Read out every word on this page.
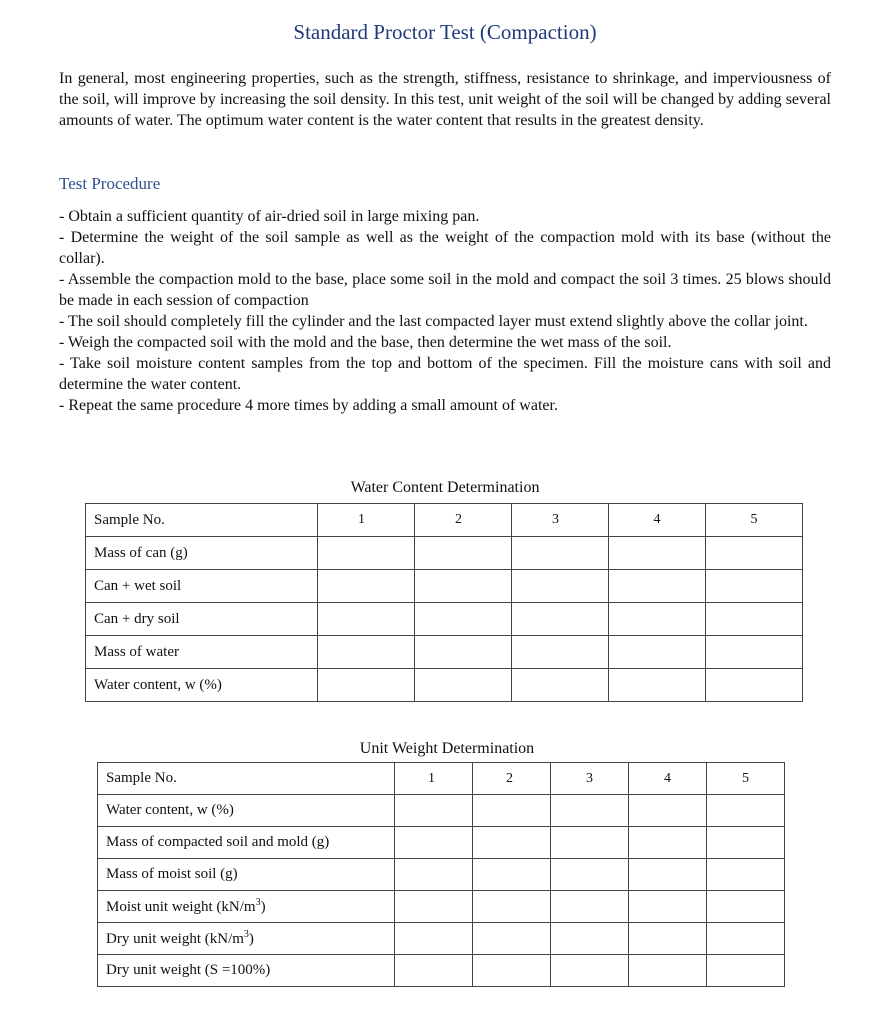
Standard Proctor Test (Compaction)

In general, most engineering properties, such as the strength, stiffness, resistance to shrinkage, and imperviousness of the soil, will improve by increasing the soil density. In this test, unit weight of the soil will be changed by adding several amounts of water. The optimum water content is the water content that results in the greatest density.

Test Procedure
- Obtain a sufficient quantity of air-dried soil in large mixing pan.
- Determine the weight of the soil sample as well as the weight of the compaction mold with its base (without the collar).
- Assemble the compaction mold to the base, place some soil in the mold and compact the soil 3 times. 25 blows should be made in each session of compaction
- The soil should completely fill the cylinder and the last compacted layer must extend slightly above the collar joint.
- Weigh the compacted soil with the mold and the base, then determine the wet mass of the soil.
- Take soil moisture content samples from the top and bottom of the specimen. Fill the moisture cans with soil and determine the water content.
- Repeat the same procedure 4 more times by adding a small amount of water.
Water Content Determination
Sample No.	1	2	3	4	5
Mass of can (g)					
Can + wet soil					
Can + dry soil					
Mass of water					
Water content, w (%)					
Unit Weight Determination
Sample No.	1	2	3	4	5
Water content, w (%)					
Mass of compacted soil and mold (g)					
Mass of moist soil (g)					
Moist unit weight $(kN/m^3)$					
Dry unit weight $(kN/m^3)$					
Dry unit weight (S =100%)					
